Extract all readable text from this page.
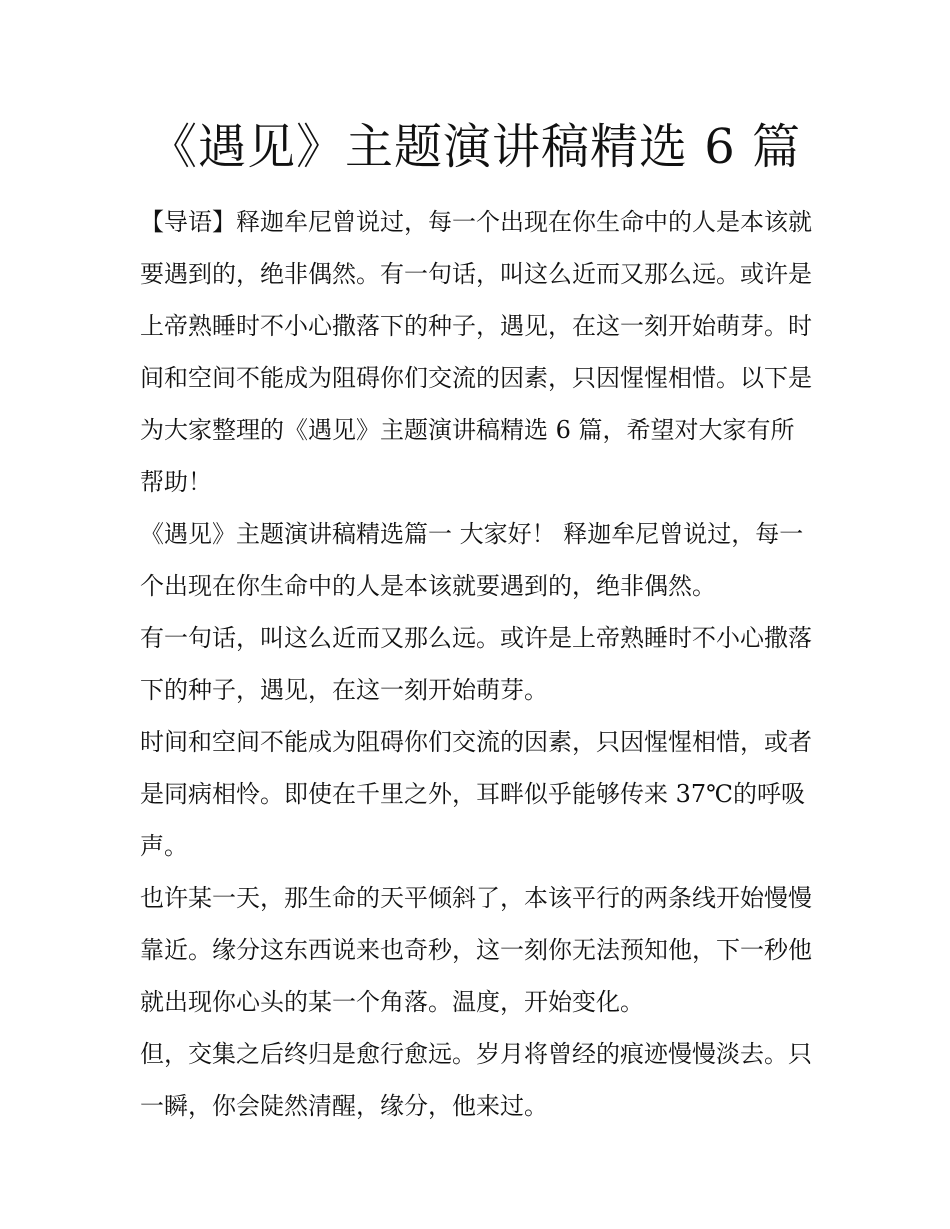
《遇见》主题演讲稿精选 6 篇

【导语】释迦牟尼曾说过，每一个出现在你生命中的人是本该就要遇到的，绝非偶然。有一句话，叫这么近而又那么远。或许是上帝熟睡时不小心撒落下的种子，遇见，在这一刻开始萌芽。时间和空间不能成为阻碍你们交流的因素，只因惺惺相惜。以下是为大家整理的《遇见》主题演讲稿精选 6 篇，希望对大家有所帮助！

《遇见》主题演讲稿精选篇一 大家好！ 释迦牟尼曾说过，每一个出现在你生命中的人是本该就要遇到的，绝非偶然。

有一句话，叫这么近而又那么远。或许是上帝熟睡时不小心撒落下的种子，遇见，在这一刻开始萌芽。

时间和空间不能成为阻碍你们交流的因素，只因惺惺相惜，或者是同病相怜。即使在千里之外，耳畔似乎能够传来 37℃的呼吸声。

也许某一天，那生命的天平倾斜了，本该平行的两条线开始慢慢靠近。缘分这东西说来也奇秒，这一刻你无法预知他，下一秒他就出现你心头的某一个角落。温度，开始变化。

但，交集之后终归是愈行愈远。岁月将曾经的痕迹慢慢淡去。只一瞬，你会陡然清醒，缘分，他来过。
